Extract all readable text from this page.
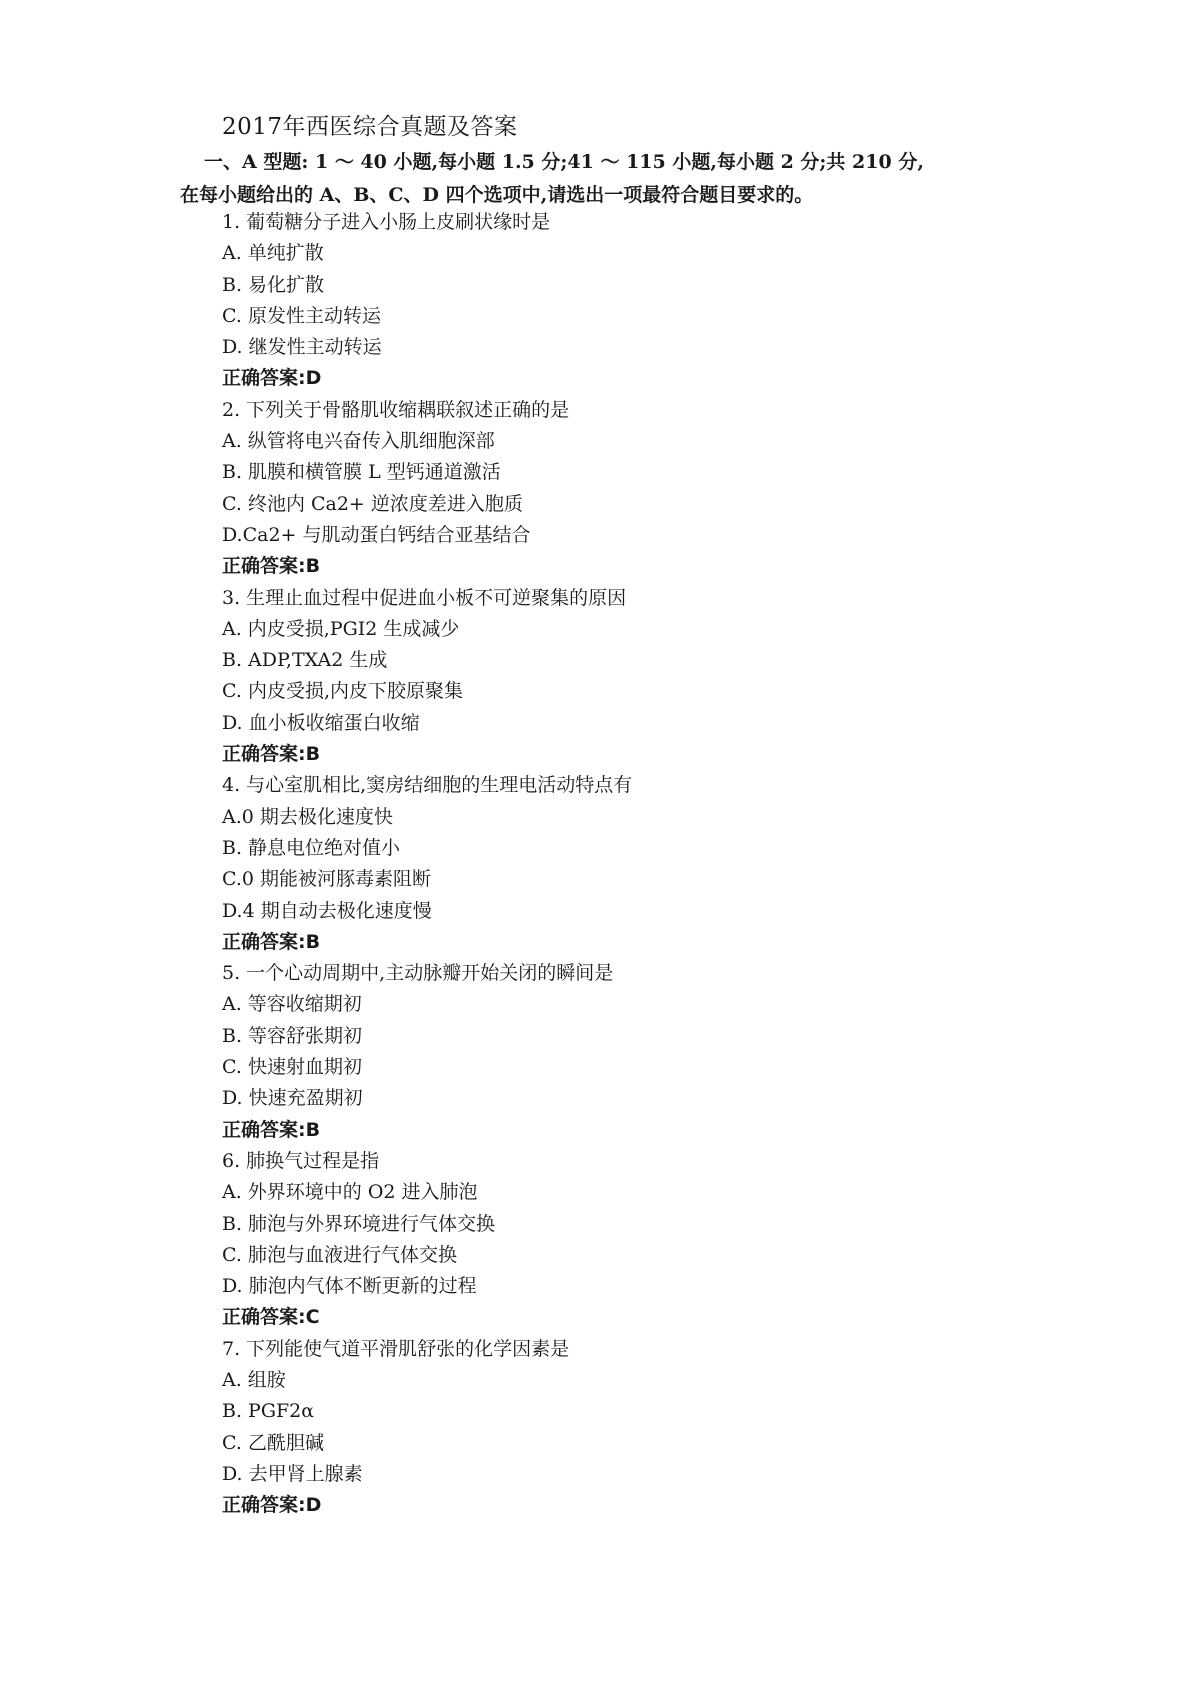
2017年西医综合真题及答案
一、A 型题: 1 ～ 40 小题,每小题 1.5 分;41 ～ 115 小题,每小题 2 分;共 210 分,
在每小题给出的 A、B、C、D 四个选项中,请选出一项最符合题目要求的。
1. 葡萄糖分子进入小肠上皮刷状缘时是
A. 单纯扩散
B. 易化扩散
C. 原发性主动转运
D. 继发性主动转运
正确答案:D
2. 下列关于骨骼肌收缩耦联叙述正确的是
A. 纵管将电兴奋传入肌细胞深部
B. 肌膜和横管膜 L 型钙通道激活
C. 终池内 Ca2+ 逆浓度差进入胞质
D.Ca2+ 与肌动蛋白钙结合亚基结合
正确答案:B
3. 生理止血过程中促进血小板不可逆聚集的原因
A. 内皮受损,PGI2 生成减少
B. ADP,TXA2 生成
C. 内皮受损,内皮下胶原聚集
D. 血小板收缩蛋白收缩
正确答案:B
4. 与心室肌相比,窦房结细胞的生理电活动特点有
A.0 期去极化速度快
B. 静息电位绝对值小
C.0 期能被河豚毒素阻断
D.4 期自动去极化速度慢
正确答案:B
5. 一个心动周期中,主动脉瓣开始关闭的瞬间是
A. 等容收缩期初
B. 等容舒张期初
C. 快速射血期初
D. 快速充盈期初
正确答案:B
6. 肺换气过程是指
A. 外界环境中的 O2 进入肺泡
B. 肺泡与外界环境进行气体交换
C. 肺泡与血液进行气体交换
D. 肺泡内气体不断更新的过程
正确答案:C
7. 下列能使气道平滑肌舒张的化学因素是
A. 组胺
B. PGF2α
C. 乙酰胆碱
D. 去甲肾上腺素
正确答案:D
